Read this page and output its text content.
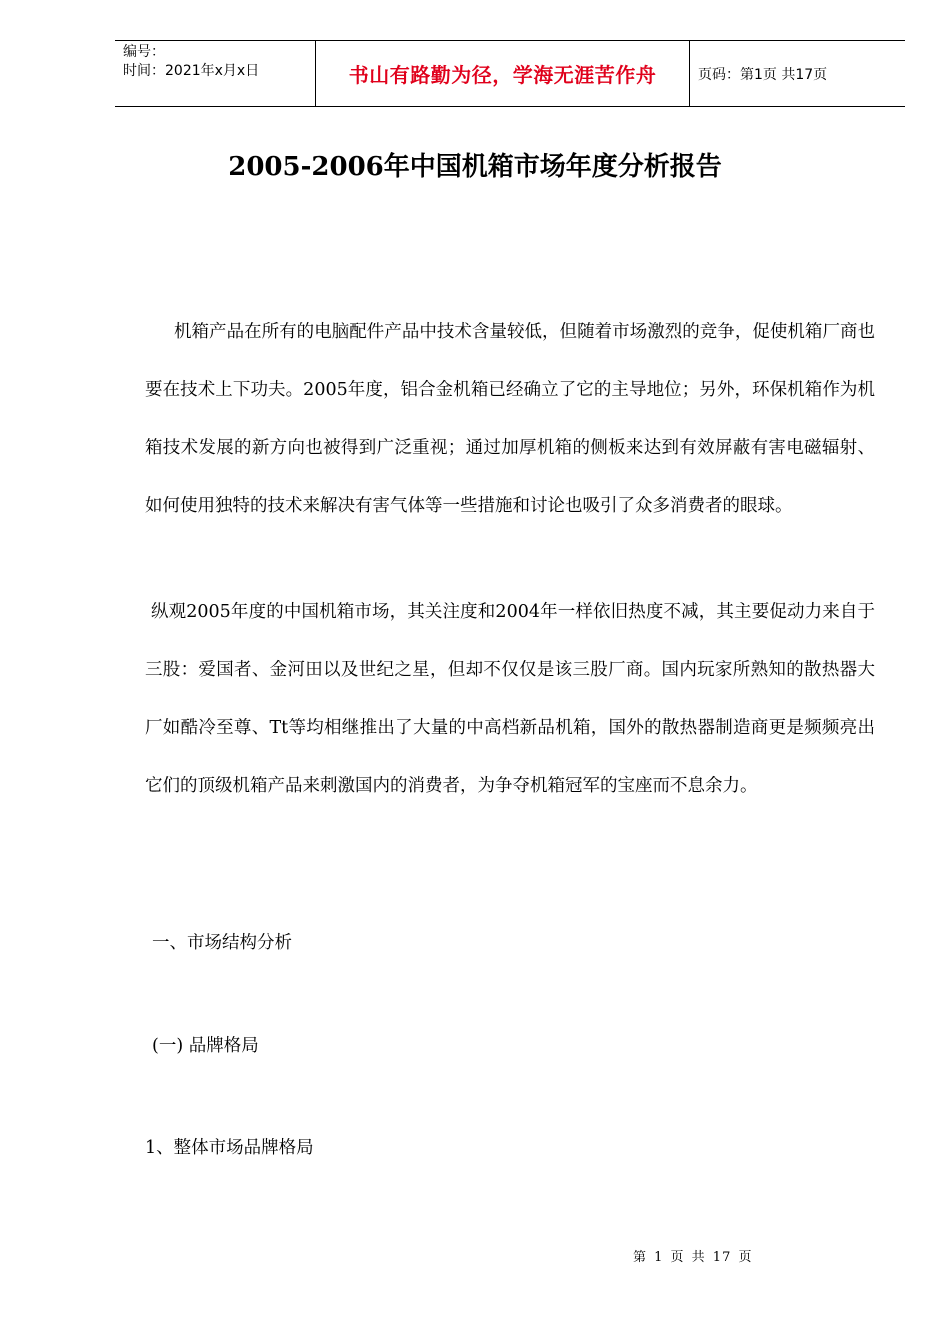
编号：
时间：2021年x月x日	书山有路勤为径，学海无涯苦作舟	页码：第1页 共17页
2005-2006年中国机箱市场年度分析报告
机箱产品在所有的电脑配件产品中技术含量较低，但随着市场激烈的竞争，促使机箱厂商也要在技术上下功夫。2005年度，铝合金机箱已经确立了它的主导地位；另外，环保机箱作为机箱技术发展的新方向也被得到广泛重视；通过加厚机箱的侧板来达到有效屏蔽有害电磁辐射、如何使用独特的技术来解决有害气体等一些措施和讨论也吸引了众多消费者的眼球。
纵观2005年度的中国机箱市场，其关注度和2004年一样依旧热度不减，其主要促动力来自于三股：爱国者、金河田以及世纪之星，但却不仅仅是该三股厂商。国内玩家所熟知的散热器大厂如酷冷至尊、Tt等均相继推出了大量的中高档新品机箱，国外的散热器制造商更是频频亮出它们的顶级机箱产品来刺激国内的消费者，为争夺机箱冠军的宝座而不息余力。
一、市场结构分析
(一) 品牌格局
1、整体市场品牌格局
第 1 页 共 17 页
